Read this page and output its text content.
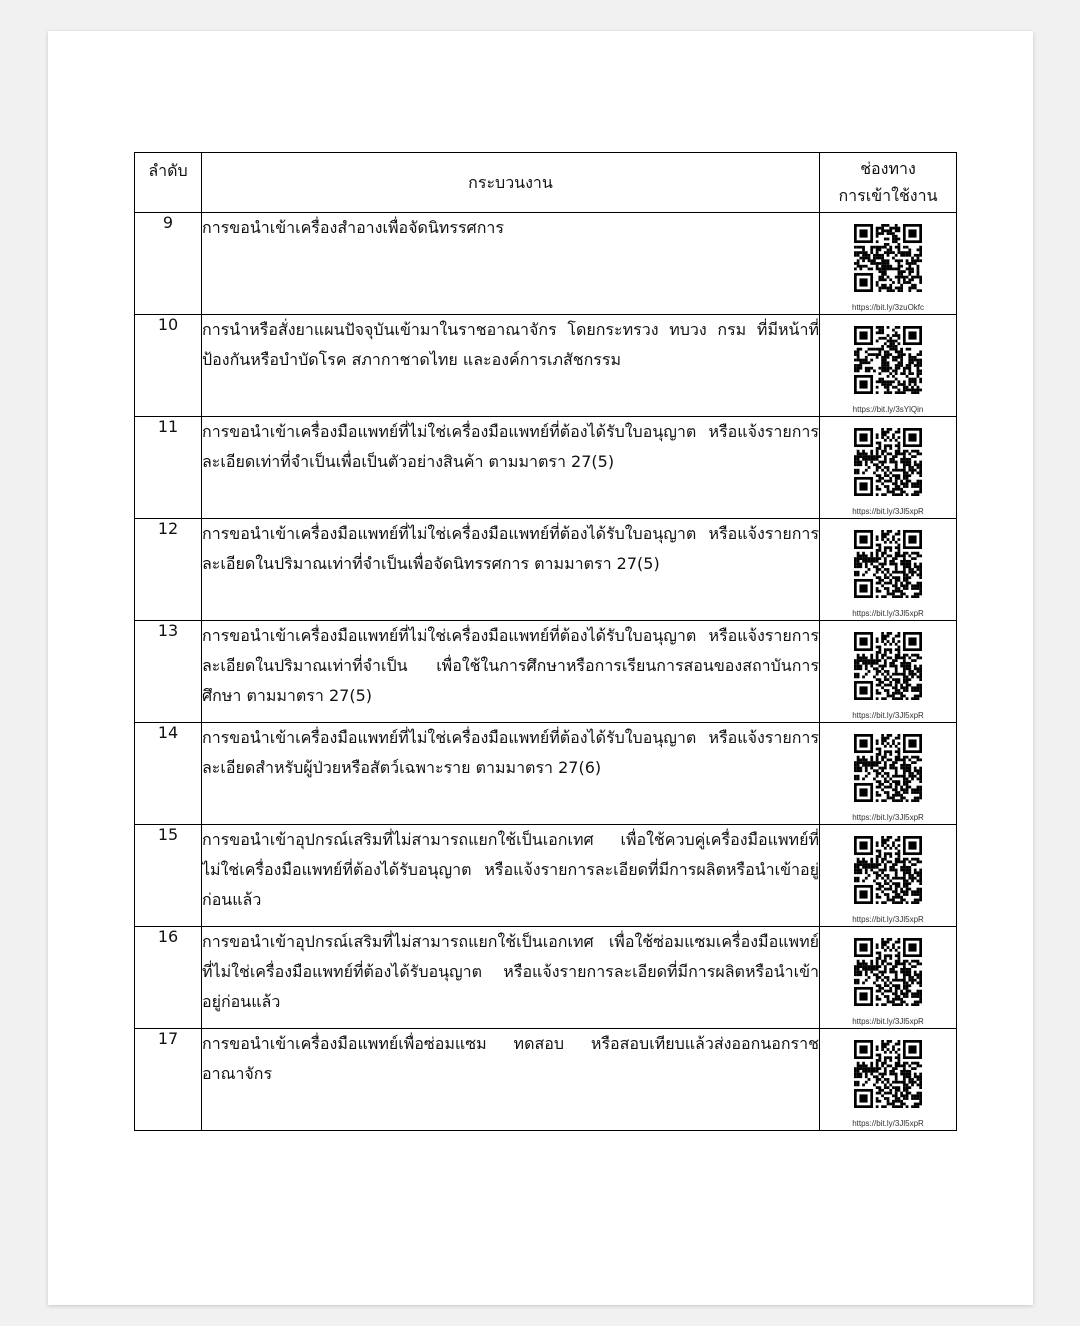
ลำดับ	กระบวนงาน	ช่องทาง
การเข้าใช้งาน

9	การขอนำเข้าเครื่องสำอางเพื่อจัดนิทรรศการ	https://bit.ly/3zuOkfc

10	การนำหรือสั่งยาแผนปัจจุบันเข้ามาในราชอาณาจักร โดยกระทรวง ทบวง กรม ที่มีหน้าที่ป้องกันหรือบำบัดโรค สภากาชาดไทย และองค์การเภสัชกรรม	https://bit.ly/3sYlQin

11	การขอนำเข้าเครื่องมือแพทย์ที่ไม่ใช่เครื่องมือแพทย์ที่ต้องได้รับใบอนุญาต หรือแจ้งรายการละเอียดเท่าที่จำเป็นเพื่อเป็นตัวอย่างสินค้า ตามมาตรา 27(5)	https://bit.ly/3Jl5xpR

12	การขอนำเข้าเครื่องมือแพทย์ที่ไม่ใช่เครื่องมือแพทย์ที่ต้องได้รับใบอนุญาต หรือแจ้งรายการละเอียดในปริมาณเท่าที่จำเป็นเพื่อจัดนิทรรศการ ตามมาตรา 27(5)	https://bit.ly/3Jl5xpR

13	การขอนำเข้าเครื่องมือแพทย์ที่ไม่ใช่เครื่องมือแพทย์ที่ต้องได้รับใบอนุญาต หรือแจ้งรายการละเอียดในปริมาณเท่าที่จำเป็น เพื่อใช้ในการศึกษาหรือการเรียนการสอนของสถาบันการศึกษา ตามมาตรา 27(5)	https://bit.ly/3Jl5xpR

14	การขอนำเข้าเครื่องมือแพทย์ที่ไม่ใช่เครื่องมือแพทย์ที่ต้องได้รับใบอนุญาต หรือแจ้งรายการละเอียดสำหรับผู้ป่วยหรือสัตว์เฉพาะราย ตามมาตรา 27(6)	https://bit.ly/3Jl5xpR

15	การขอนำเข้าอุปกรณ์เสริมที่ไม่สามารถแยกใช้เป็นเอกเทศ เพื่อใช้ควบคู่เครื่องมือแพทย์ที่ไม่ใช่เครื่องมือแพทย์ที่ต้องได้รับอนุญาต หรือแจ้งรายการละเอียดที่มีการผลิตหรือนำเข้าอยู่ก่อนแล้ว	https://bit.ly/3Jl5xpR

16	การขอนำเข้าอุปกรณ์เสริมที่ไม่สามารถแยกใช้เป็นเอกเทศ เพื่อใช้ซ่อมแซมเครื่องมือแพทย์ที่ไม่ใช่เครื่องมือแพทย์ที่ต้องได้รับอนุญาต หรือแจ้งรายการละเอียดที่มีการผลิตหรือนำเข้าอยู่ก่อนแล้ว	https://bit.ly/3Jl5xpR

17	การขอนำเข้าเครื่องมือแพทย์เพื่อซ่อมแซม ทดสอบ หรือสอบเทียบแล้วส่งออกนอกราชอาณาจักร	https://bit.ly/3Jl5xpR
